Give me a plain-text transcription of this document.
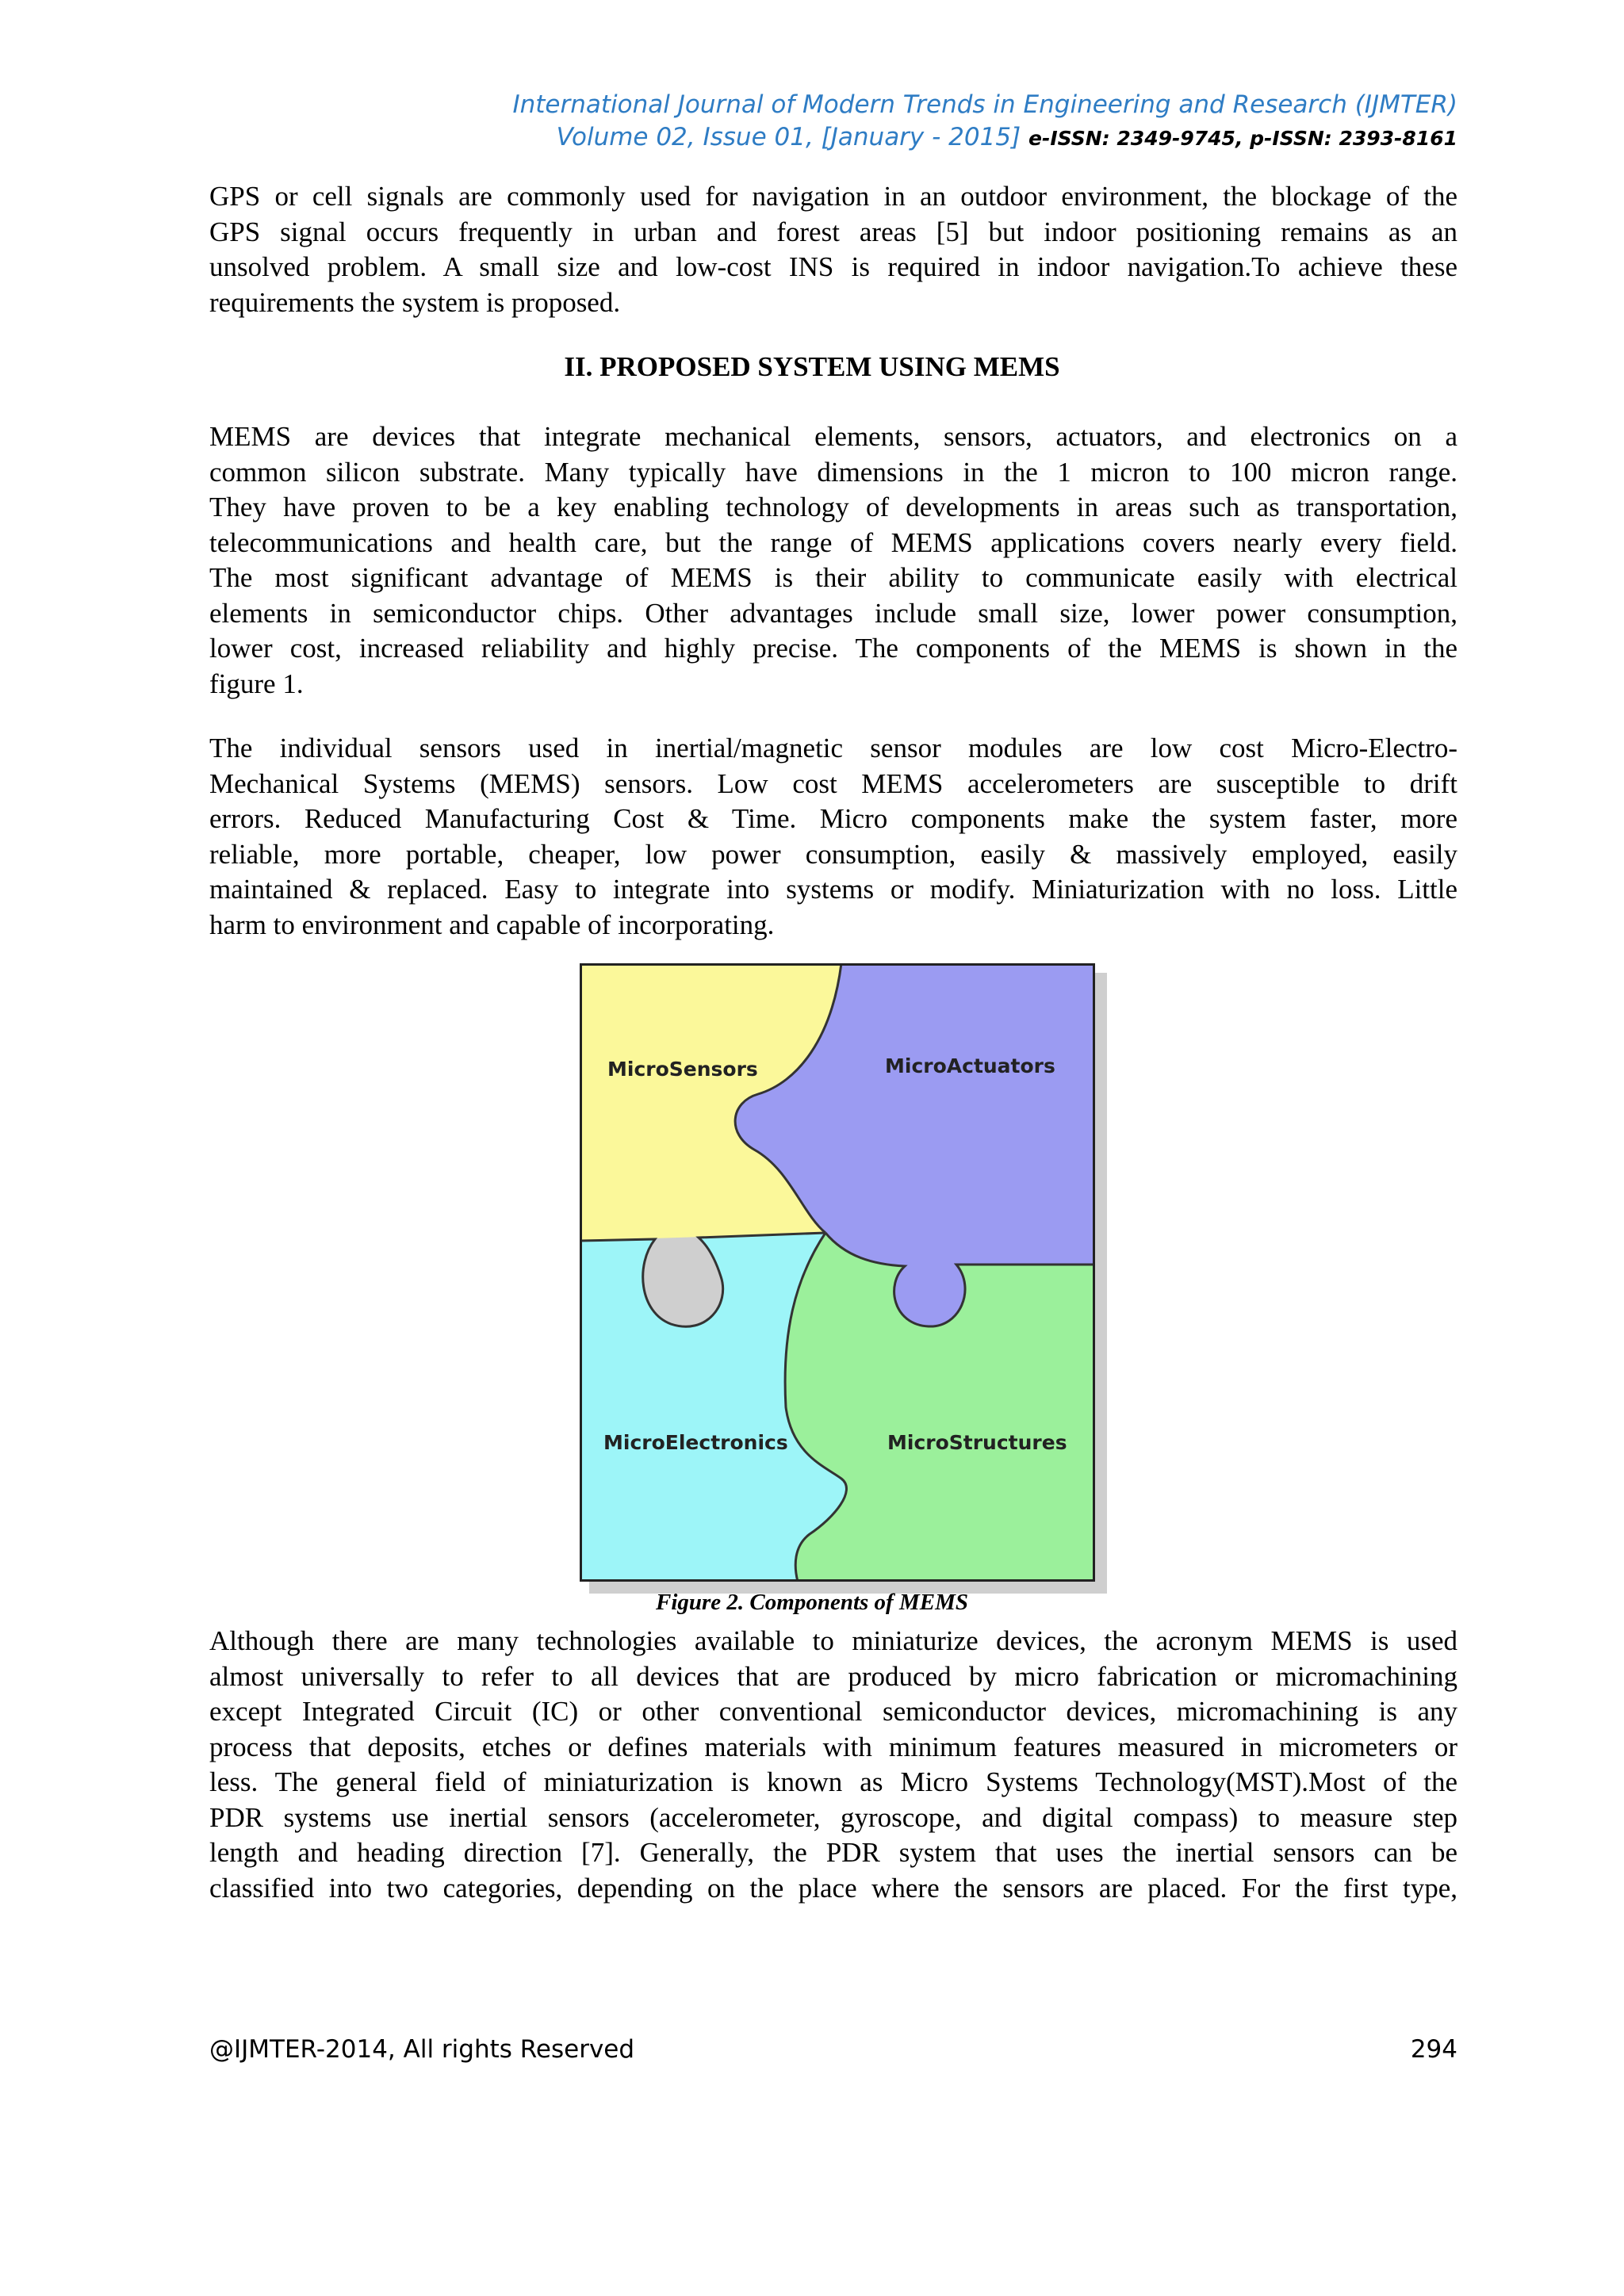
International Journal of Modern Trends in Engineering and Research (IJMTER)
Volume 02, Issue 01, [January - 2015] e-ISSN: 2349-9745, p-ISSN: 2393-8161
GPS or cell signals are commonly used for navigation in an outdoor environment, the blockage of the
GPS signal occurs frequently in urban and forest areas [5] but indoor positioning remains as an
unsolved problem. A small size and low-cost INS is required in indoor navigation.To achieve these
requirements the system is proposed.
II. PROPOSED SYSTEM USING MEMS
MEMS are devices that integrate mechanical elements, sensors, actuators, and electronics on a
common silicon substrate. Many typically have dimensions in the 1 micron to 100 micron range.
They have proven to be a key enabling technology of developments in areas such as transportation,
telecommunications and health care, but the range of MEMS applications covers nearly every field.
The most significant advantage of MEMS is their ability to communicate easily with electrical
elements in semiconductor chips. Other advantages include small size, lower power consumption,
lower cost, increased reliability and highly precise. The components of the MEMS is shown in the
figure 1.
The individual sensors used in inertial/magnetic sensor modules are low cost Micro-Electro-
Mechanical Systems (MEMS) sensors. Low cost MEMS accelerometers are susceptible to drift
errors. Reduced Manufacturing Cost & Time. Micro components make the system faster, more
reliable, more portable, cheaper, low power consumption, easily & massively employed, easily
maintained & replaced. Easy to integrate into systems or modify. Miniaturization with no loss. Little
harm to environment and capable of incorporating.
MicroSensors	MicroActuators
MicroElectronics	MicroStructures
Figure 2. Components of MEMS
Although there are many technologies available to miniaturize devices, the acronym MEMS is used
almost universally to refer to all devices that are produced by micro fabrication or micromachining
except Integrated Circuit (IC) or other conventional semiconductor devices, micromachining is any
process that deposits, etches or defines materials with minimum features measured in micrometers or
less. The general field of miniaturization is known as Micro Systems Technology(MST).Most of the
PDR systems use inertial sensors (accelerometer, gyroscope, and digital compass) to measure step
length and heading direction [7]. Generally, the PDR system that uses the inertial sensors can be
classified into two categories, depending on the place where the sensors are placed. For the first type,
@IJMTER-2014, All rights Reserved	294
